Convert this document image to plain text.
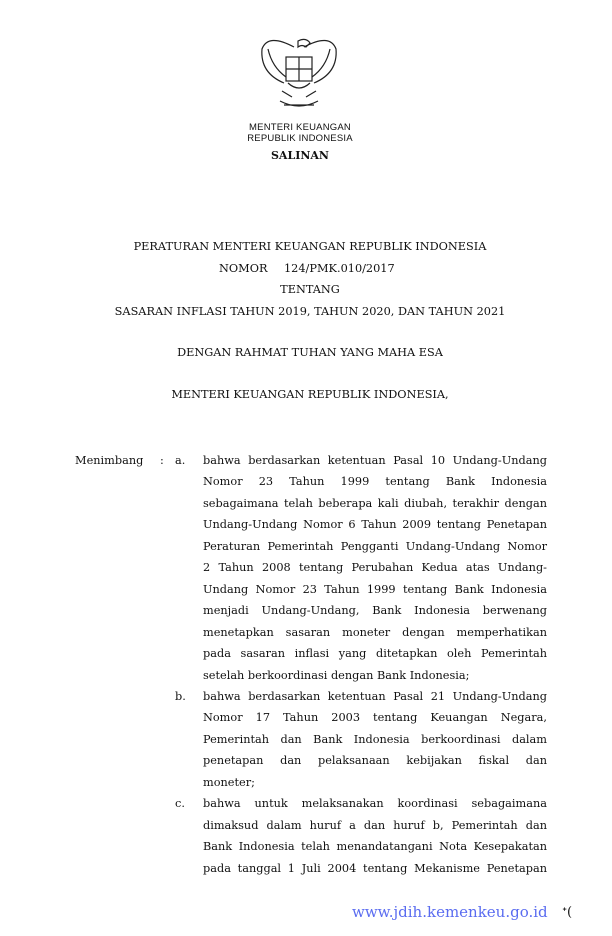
MENTERI KEUANGAN
REPUBLIK INDONESIA
SALINAN
PERATURAN MENTERI KEUANGAN REPUBLIK INDONESIA
NOMOR 124/PMK.010/2017
TENTANG
SASARAN INFLASI TAHUN 2019, TAHUN 2020, DAN TAHUN 2021
DENGAN RAHMAT TUHAN YANG MAHA ESA
MENTERI KEUANGAN REPUBLIK INDONESIA,
Menimbang : a. bahwa berdasarkan ketentuan Pasal 10 Undang-Undang
Nomor 23 Tahun 1999 tentang Bank Indonesia
sebagaimana telah beberapa kali diubah, terakhir dengan
Undang-Undang Nomor 6 Tahun 2009 tentang Penetapan
Peraturan Pemerintah Pengganti Undang-Undang Nomor
2 Tahun 2008 tentang Perubahan Kedua atas Undang-
Undang Nomor 23 Tahun 1999 tentang Bank Indonesia
menjadi Undang-Undang, Bank Indonesia berwenang
menetapkan sasaran moneter dengan memperhatikan
pada sasaran inflasi yang ditetapkan oleh Pemerintah
setelah berkoordinasi dengan Bank Indonesia;
b. bahwa berdasarkan ketentuan Pasal 21 Undang-Undang
Nomor 17 Tahun 2003 tentang Keuangan Negara,
Pemerintah dan Bank Indonesia berkoordinasi dalam
penetapan dan pelaksanaan kebijakan fiskal dan
moneter;
c. bahwa untuk melaksanakan koordinasi sebagaimana
dimaksud dalam huruf a dan huruf b, Pemerintah dan
Bank Indonesia telah menandatangani Nota Kesepakatan
pada tanggal 1 Juli 2004 tentang Mekanisme Penetapan
www.jdih.kemenkeu.go.id ᕀ(
